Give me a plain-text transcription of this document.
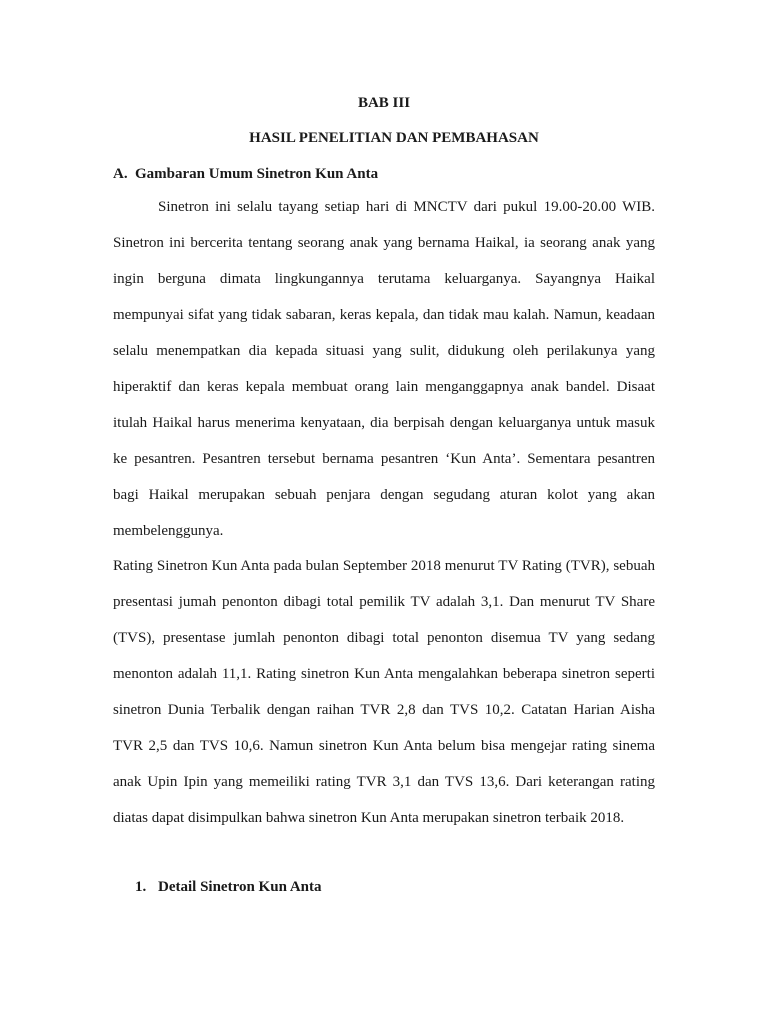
BAB III
HASIL PENELITIAN DAN PEMBAHASAN
A. Gambaran Umum Sinetron Kun Anta

Sinetron ini selalu tayang setiap hari di MNCTV dari pukul 19.00-20.00 WIB. Sinetron ini bercerita tentang seorang anak yang bernama Haikal, ia seorang anak yang ingin berguna dimata lingkungannya terutama keluarganya. Sayangnya Haikal mempunyai sifat yang tidak sabaran, keras kepala, dan tidak mau kalah. Namun, keadaan selalu menempatkan dia kepada situasi yang sulit, didukung oleh perilakunya yang hiperaktif dan keras kepala membuat orang lain menganggapnya anak bandel. Disaat itulah Haikal harus menerima kenyataan, dia berpisah dengan keluarganya untuk masuk ke pesantren. Pesantren tersebut bernama pesantren ‘Kun Anta’. Sementara pesantren bagi Haikal merupakan sebuah penjara dengan segudang aturan kolot yang akan membelenggunya.

Rating Sinetron Kun Anta pada bulan September 2018 menurut TV Rating (TVR), sebuah presentasi jumah penonton dibagi total pemilik TV adalah 3,1. Dan menurut TV Share (TVS), presentase jumlah penonton dibagi total penonton disemua TV yang sedang menonton adalah 11,1. Rating sinetron Kun Anta mengalahkan beberapa sinetron seperti sinetron Dunia Terbalik dengan raihan TVR 2,8 dan TVS 10,2. Catatan Harian Aisha TVR 2,5 dan TVS 10,6. Namun sinetron Kun Anta belum bisa mengejar rating sinema anak Upin Ipin yang memeiliki rating TVR 3,1 dan TVS 13,6. Dari keterangan rating diatas dapat disimpulkan bahwa sinetron Kun Anta merupakan sinetron terbaik 2018.

1. Detail Sinetron Kun Anta
